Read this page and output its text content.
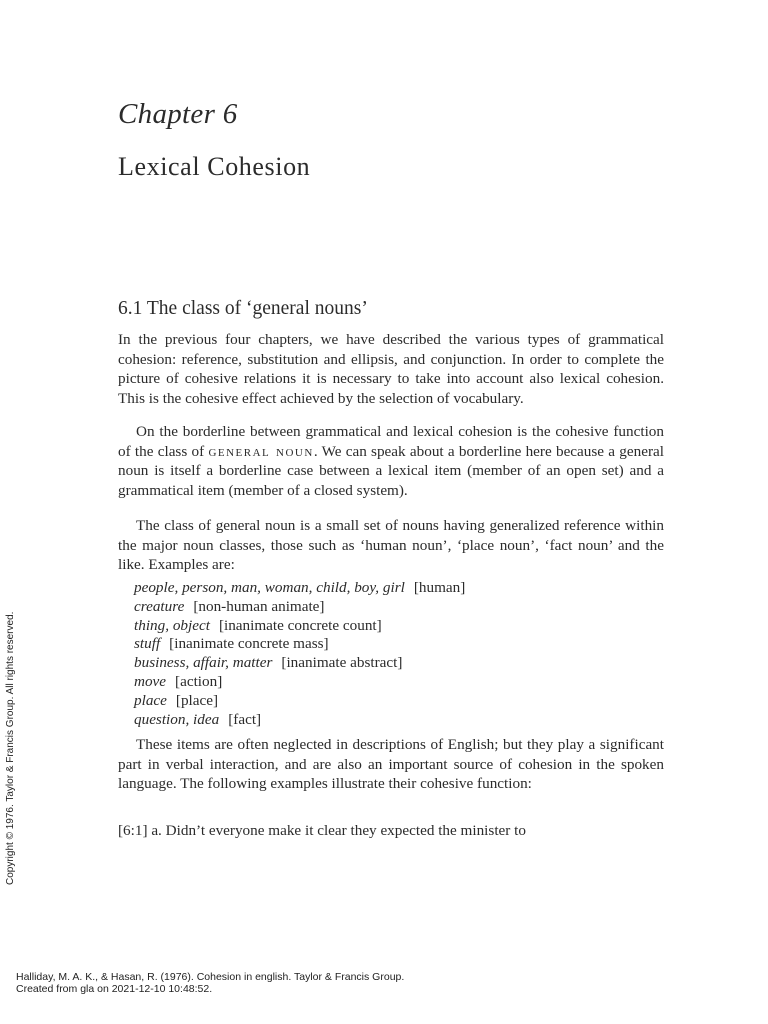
Chapter 6
Lexical Cohesion
6.1 The class of ‘general nouns’

In the previous four chapters, we have described the various types of grammatical cohesion: reference, substitution and ellipsis, and conjunction. In order to complete the picture of cohesive relations it is necessary to take into account also lexical cohesion. This is the cohesive effect achieved by the selection of vocabulary.

On the borderline between grammatical and lexical cohesion is the cohesive function of the class of general noun. We can speak about a borderline here because a general noun is itself a borderline case between a lexical item (member of an open set) and a grammatical item (member of a closed system).

The class of general noun is a small set of nouns having generalized reference within the major noun classes, those such as ‘human noun’, ‘place noun’, ‘fact noun’ and the like. Examples are:

people, person, man, woman, child, boy, girl [human]
creature [non-human animate]
thing, object [inanimate concrete count]
stuff [inanimate concrete mass]
business, affair, matter [inanimate abstract]
move [action]
place [place]
question, idea [fact]

These items are often neglected in descriptions of English; but they play a significant part in verbal interaction, and are also an important source of cohesion in the spoken language. The following examples illustrate their cohesive function:

[6:1] a. Didn’t everyone make it clear they expected the minister to

Copyright © 1976. Taylor & Francis Group. All rights reserved.

Halliday, M. A. K., & Hasan, R. (1976). Cohesion in english. Taylor & Francis Group.
Created from gla on 2021-12-10 10:48:52.
